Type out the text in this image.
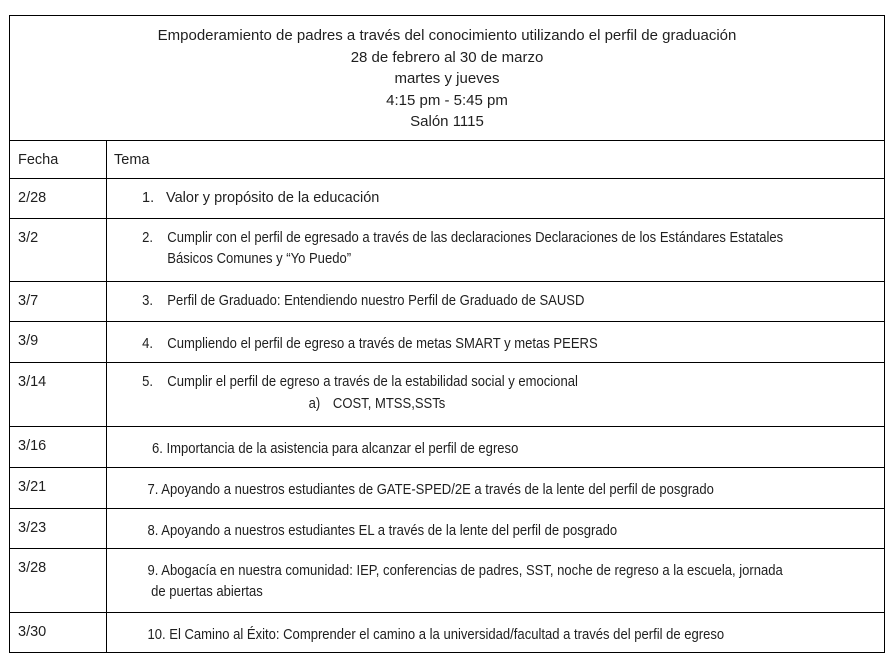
Empoderamiento de padres a través del conocimiento utilizando el perfil de graduación
28 de febrero al 30 de marzo
martes y jueves
4:15 pm - 5:45 pm
Salón 1115	

Fecha	Tema
2/28	1. Valor y propósito de la educación

3/2	2. Cumplir con el perfil de egresado a través de las declaraciones Declaraciones de los Estándares Estatales
Básicos Comunes y “Yo Puedo”

3/7	3. Perfil de Graduado: Entendiendo nuestro Perfil de Graduado de SAUSD

3/9	4. Cumpliendo el perfil de egreso a través de metas SMART y metas PEERS

3/14	5. Cumplir el perfil de egreso a través de la estabilidad social y emocional
a) COST, MTSS,SSTs

3/16	6. Importancia de la asistencia para alcanzar el perfil de egreso

3/21	7. Apoyando a nuestros estudiantes de GATE-SPED/2E a través de la lente del perfil de posgrado

3/23	8. Apoyando a nuestros estudiantes EL a través de la lente del perfil de posgrado

3/28	9. Abogacía en nuestra comunidad: IEP, conferencias de padres, SST, noche de regreso a la escuela, jornada
de puertas abiertas

3/30	10. El Camino al Éxito: Comprender el camino a la universidad/facultad a través del perfil de egreso
